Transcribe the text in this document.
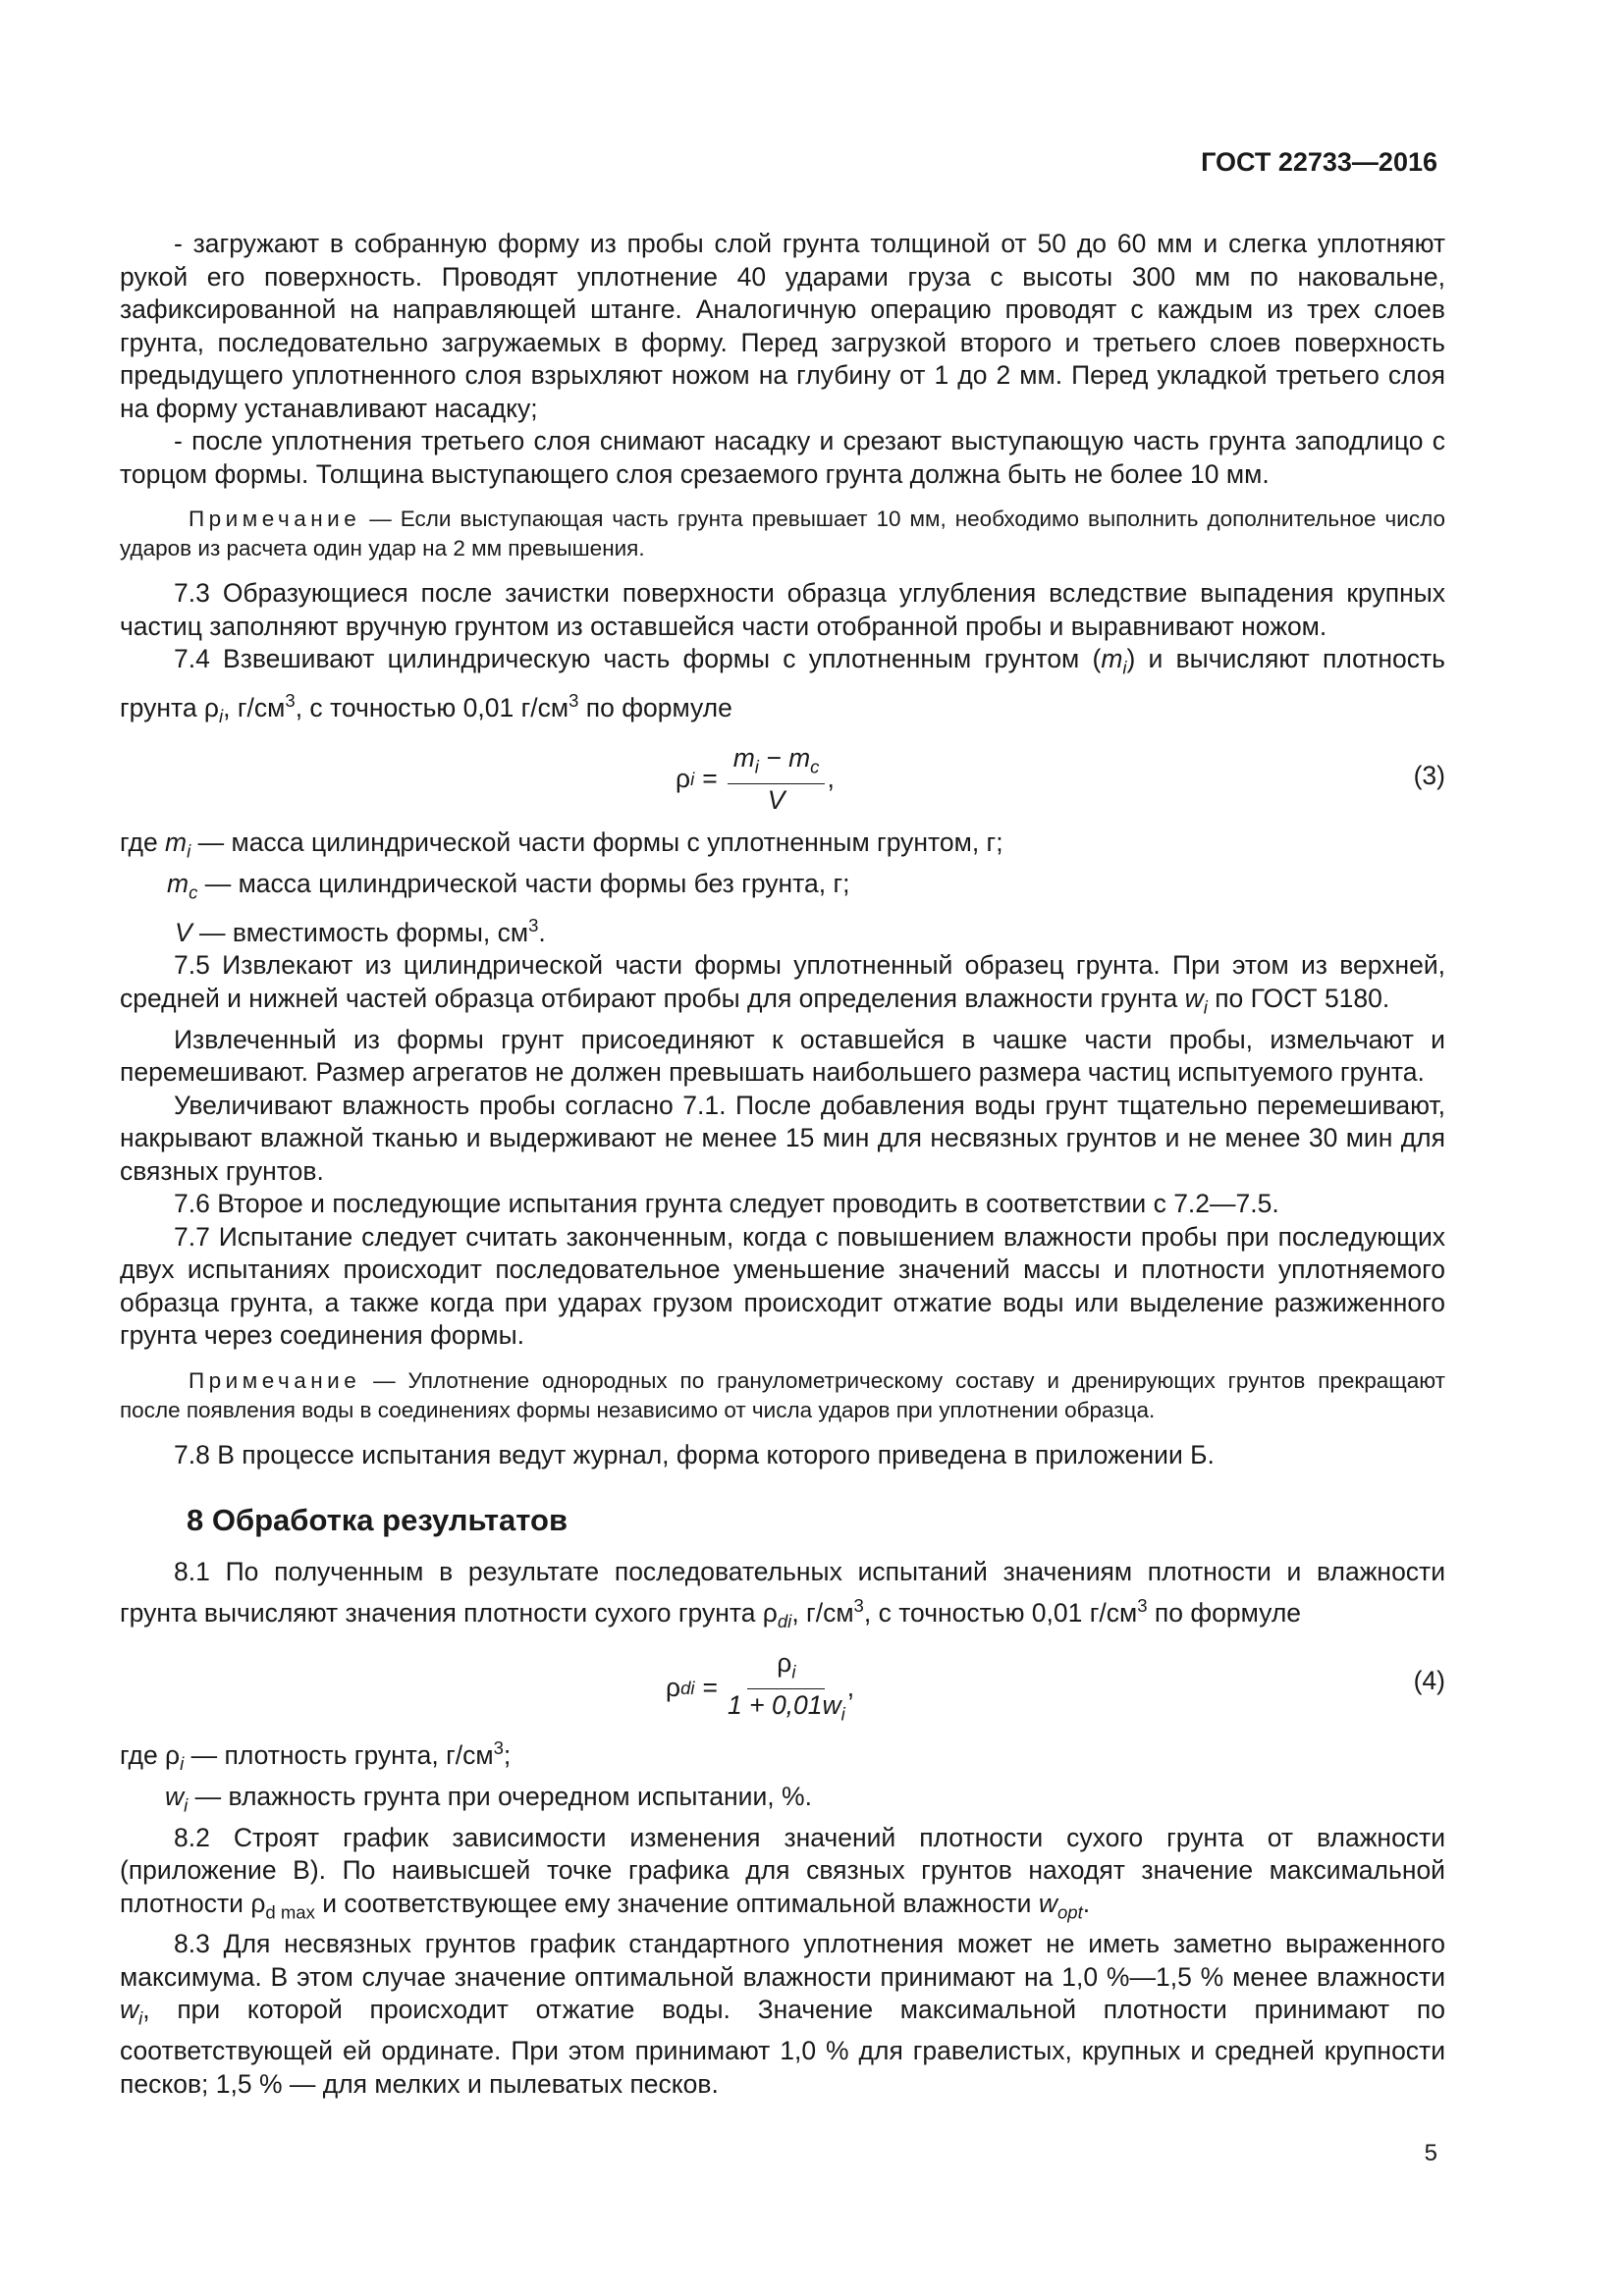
ГОСТ 22733—2016

- загружают в собранную форму из пробы слой грунта толщиной от 50 до 60 мм и слегка уплотняют рукой его поверхность. Проводят уплотнение 40 ударами груза с высоты 300 мм по наковальне, зафиксированной на направляющей штанге. Аналогичную операцию проводят с каждым из трех слоев грунта, последовательно загружаемых в форму. Перед загрузкой второго и третьего слоев поверхность предыдущего уплотненного слоя взрыхляют ножом на глубину от 1 до 2 мм. Перед укладкой третьего слоя на форму устанавливают насадку;

- после уплотнения третьего слоя снимают насадку и срезают выступающую часть грунта заподлицо с торцом формы. Толщина выступающего слоя срезаемого грунта должна быть не более 10 мм.

Примечание — Если выступающая часть грунта превышает 10 мм, необходимо выполнить дополнительное число ударов из расчета один удар на 2 мм превышения.

7.3 Образующиеся после зачистки поверхности образца углубления вследствие выпадения крупных частиц заполняют вручную грунтом из оставшейся части отобранной пробы и выравнивают ножом.

7.4 Взвешивают цилиндрическую часть формы с уплотненным грунтом $(m_i)$ и вычисляют плотность грунта $\rho_i$, $г/см^3$, с точностью 0,01 $г/см^3$ по формуле

ρ $i = \frac{m_i - m_c}{V}$ ,	(3)

где $m_i$ — масса цилиндрической части формы с уплотненным грунтом, г;

$m_c$ — масса цилиндрической части формы без грунта, г;

V — вместимость формы, $см^3$.

7.5 Извлекают из цилиндрической части формы уплотненный образец грунта. При этом из верхней, средней и нижней частей образца отбирают пробы для определения влажности грунта $w_i$ по ГОСТ 5180.

Извлеченный из формы грунт присоединяют к оставшейся в чашке части пробы, измельчают и перемешивают. Размер агрегатов не должен превышать наибольшего размера частиц испытуемого грунта.

Увеличивают влажность пробы согласно 7.1. После добавления воды грунт тщательно перемешивают, накрывают влажной тканью и выдерживают не менее 15 мин для несвязных грунтов и не менее 30 мин для связных грунтов.

7.6 Второе и последующие испытания грунта следует проводить в соответствии с 7.2—7.5.

7.7 Испытание следует считать законченным, когда с повышением влажности пробы при последующих двух испытаниях происходит последовательное уменьшение значений массы и плотности уплотняемого образца грунта, а также когда при ударах грузом происходит отжатие воды или выделение разжиженного грунта через соединения формы.

Примечание — Уплотнение однородных по гранулометрическому составу и дренирующих грунтов прекращают после появления воды в соединениях формы независимо от числа ударов при уплотнении образца.

7.8 В процессе испытания ведут журнал, форма которого приведена в приложении Б.

8 Обработка результатов

8.1 По полученным в результате последовательных испытаний значениям плотности и влажности грунта вычисляют значения плотности сухого грунта $\rho_{di}$, $г/см^3$, с точностью 0,01 $г/см^3$ по формуле

ρ di = $\frac{\rho_i}{1 + 0,01w_i}$ ,	(4)

где $\rho_i$ — плотность грунта, $г/см^3$;

$w_i$ — влажность грунта при очередном испытании, %.

8.2 Строят график зависимости изменения значений плотности сухого грунта от влажности (приложение В). По наивысшей точке графика для связных грунтов находят значение максимальной плотности $\rho_{d max}$ и соответствующее ему значение оптимальной влажности $w_{opt}$.

8.3 Для несвязных грунтов график стандартного уплотнения может не иметь заметно выраженного максимума. В этом случае значение оптимальной влажности принимают на 1,0 %—1,5 % менее влажности $w_i$, при которой происходит отжатие воды. Значение максимальной плотности принимают по соответствующей ей ординате. При этом принимают 1,0 % для гравелистых, крупных и средней крупности песков; 1,5 % — для мелких и пылеватых песков.

5
